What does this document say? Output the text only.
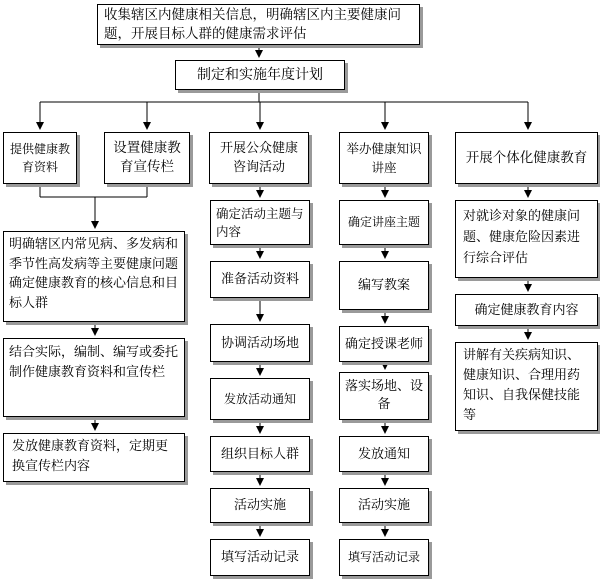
收集辖区内健康相关信息，明确辖区内主要健康问题，开展目标人群的健康需求评估
制定和实施年度计划
提供健康教育资料
设置健康教育宣传栏
开展公众健康咨询活动
举办健康知识讲座
开展个体化健康教育
明确辖区内常见病、多发病和季节性高发病等主要健康问题确定健康教育的核心信息和目标人群
结合实际，编制、编写或委托制作健康教育资料和宣传栏
发放健康教育资料，定期更换宣传栏内容
确定活动主题与内容
准备活动资料
协调活动场地
发放活动通知
组织目标人群
活动实施
填写活动记录
确定讲座主题
编写教案
确定授课老师
落实场地、设备
发放通知
活动实施
填写活动记录
对就诊对象的健康问题、健康危险因素进行综合评估
确定健康教育内容
讲解有关疾病知识、健康知识、合理用药知识、自我保健技能等
